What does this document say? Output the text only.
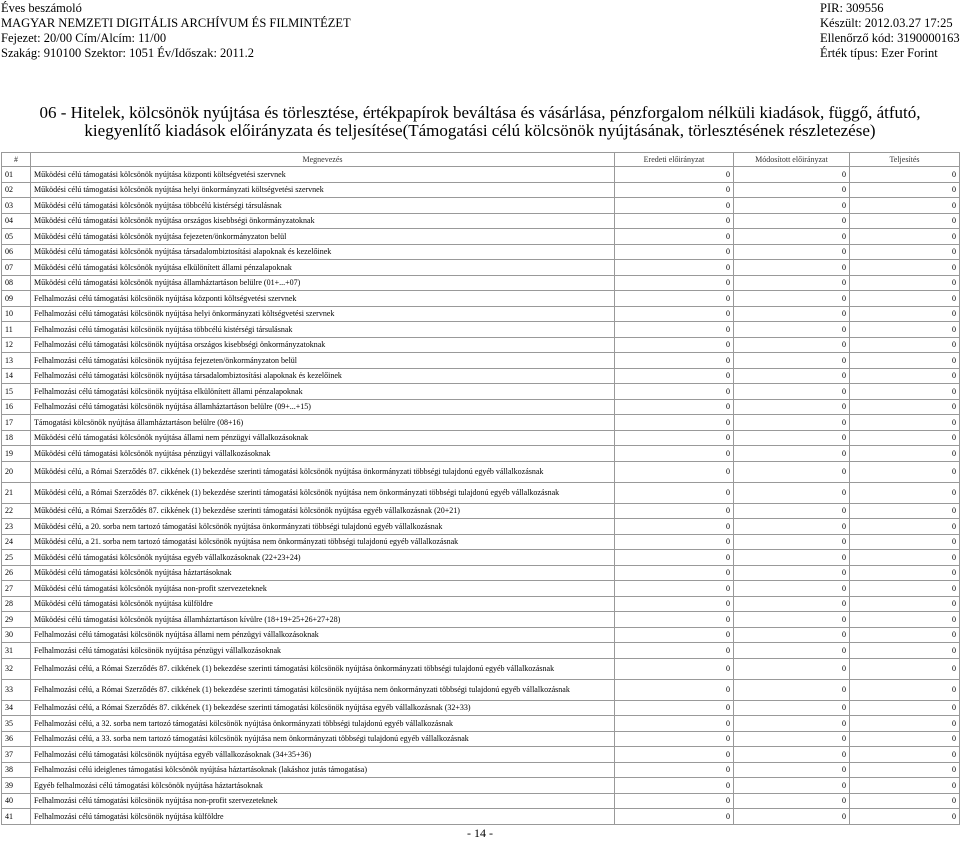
Éves beszámoló
MAGYAR NEMZETI DIGITÁLIS ARCHÍVUM ÉS FILMINTÉZET
Fejezet: 20/00 Cím/Alcím: 11/00
Szakág: 910100 Szektor: 1051 Év/Időszak: 2011.2
PIR: 309556
Készült: 2012.03.27 17:25
Ellenőrző kód: 3190000163
Érték típus: Ezer Forint
06 - Hitelek, kölcsönök nyújtása és törlesztése, értékpapírok beváltása és vásárlása, pénzforgalom nélküli kiadások, függő, átfutó, kiegyenlítő kiadások előirányzata és teljesítése(Támogatási célú kölcsönök nyújtásának, törlesztésének részletezése)
#	Megnevezés	Eredeti előirányzat	Módosított előirányzat	Teljesítés
01	Működési célú támogatási kölcsönök nyújtása központi költségvetési szervnek	0	0	0
02	Működési célú támogatási kölcsönök nyújtása helyi önkormányzati költségvetési szervnek	0	0	0
03	Működési célú támogatási kölcsönök nyújtása többcélú kistérségi társulásnak	0	0	0
04	Működési célú támogatási kölcsönök nyújtása országos kisebbségi önkormányzatoknak	0	0	0
05	Működési célú támogatási kölcsönök nyújtása fejezeten/önkormányzaton belül	0	0	0
06	Működési célú támogatási kölcsönök nyújtása társadalombiztosítási alapoknak és kezelőinek	0	0	0
07	Működési célú támogatási kölcsönök nyújtása elkülönített állami pénzalapoknak	0	0	0
08	Működési célú támogatási kölcsönök nyújtása államháztartáson belülre (01+...+07)	0	0	0
09	Felhalmozási célú támogatási kölcsönök nyújtása központi költségvetési szervnek	0	0	0
10	Felhalmozási célú támogatási kölcsönök nyújtása helyi önkormányzati költségvetési szervnek	0	0	0
11	Felhalmozási célú támogatási kölcsönök nyújtása többcélú kistérségi társulásnak	0	0	0
12	Felhalmozási célú támogatási kölcsönök nyújtása országos kisebbségi önkormányzatoknak	0	0	0
13	Felhalmozási célú támogatási kölcsönök nyújtása fejezeten/önkormányzaton belül	0	0	0
14	Felhalmozási célú támogatási kölcsönök nyújtása társadalombiztosítási alapoknak és kezelőinek	0	0	0
15	Felhalmozási célú támogatási kölcsönök nyújtása elkülönített állami pénzalapoknak	0	0	0
16	Felhalmozási célú támogatási kölcsönök nyújtása államháztartáson belülre (09+...+15)	0	0	0
17	Támogatási kölcsönök nyújtása államháztartáson belülre (08+16)	0	0	0
18	Működési célú támogatási kölcsönök nyújtása állami nem pénzügyi vállalkozásoknak	0	0	0
19	Működési célú támogatási kölcsönök nyújtása pénzügyi vállalkozásoknak	0	0	0
20	Működési célú, a Római Szerződés 87. cikkének (1) bekezdése szerinti támogatási kölcsönök nyújtása önkormányzati többségi tulajdonú egyéb vállalkozásnak	0	0	0
21	Működési célú, a Római Szerződés 87. cikkének (1) bekezdése szerinti támogatási kölcsönök nyújtása nem önkormányzati többségi tulajdonú egyéb vállalkozásnak	0	0	0
22	Működési célú, a Római Szerződés 87. cikkének (1) bekezdése szerinti támogatási kölcsönök nyújtása egyéb vállalkozásnak (20+21)	0	0	0
23	Működési célú, a 20. sorba nem tartozó támogatási kölcsönök nyújtása önkormányzati többségi tulajdonú egyéb vállalkozásnak	0	0	0
24	Működési célú, a 21. sorba nem tartozó támogatási kölcsönök nyújtása nem önkormányzati többségi tulajdonú egyéb vállalkozásnak	0	0	0
25	Működési célú támogatási kölcsönök nyújtása egyéb vállalkozásoknak (22+23+24)	0	0	0
26	Működési célú támogatási kölcsönök nyújtása háztartásoknak	0	0	0
27	Működési célú támogatási kölcsönök nyújtása non-profit szervezeteknek	0	0	0
28	Működési célú támogatási kölcsönök nyújtása külföldre	0	0	0
29	Működési célú támogatási kölcsönök nyújtása államháztartáson kívülre (18+19+25+26+27+28)	0	0	0
30	Felhalmozási célú támogatási kölcsönök nyújtása állami nem pénzügyi vállalkozásoknak	0	0	0
31	Felhalmozási célú támogatási kölcsönök nyújtása pénzügyi vállalkozásoknak	0	0	0
32	Felhalmozási célú, a Római Szerződés 87. cikkének (1) bekezdése szerinti támogatási kölcsönök nyújtása önkormányzati többségi tulajdonú egyéb vállalkozásnak	0	0	0
33	Felhalmozási célú, a Római Szerződés 87. cikkének (1) bekezdése szerinti támogatási kölcsönök nyújtása nem önkormányzati többségi tulajdonú egyéb vállalkozásnak	0	0	0
34	Felhalmozási célú, a Római Szerződés 87. cikkének (1) bekezdése szerinti támogatási kölcsönök nyújtása egyéb vállalkozásnak (32+33)	0	0	0
35	Felhalmozási célú, a 32. sorba nem tartozó támogatási kölcsönök nyújtása önkormányzati többségi tulajdonú egyéb vállalkozásnak	0	0	0
36	Felhalmozási célú, a 33. sorba nem tartozó támogatási kölcsönök nyújtása nem önkormányzati többségi tulajdonú egyéb vállalkozásnak	0	0	0
37	Felhalmozási célú támogatási kölcsönök nyújtása egyéb vállalkozásoknak (34+35+36)	0	0	0
38	Felhalmozási célú ideiglenes támogatási kölcsönök nyújtása háztartásoknak (lakáshoz jutás támogatása)	0	0	0
39	Egyéb felhalmozási célú támogatási kölcsönök nyújtása háztartásoknak	0	0	0
40	Felhalmozási célú támogatási kölcsönök nyújtása non-profit szervezeteknek	0	0	0
41	Felhalmozási célú támogatási kölcsönök nyújtása külföldre	0	0	0
- 14 -
